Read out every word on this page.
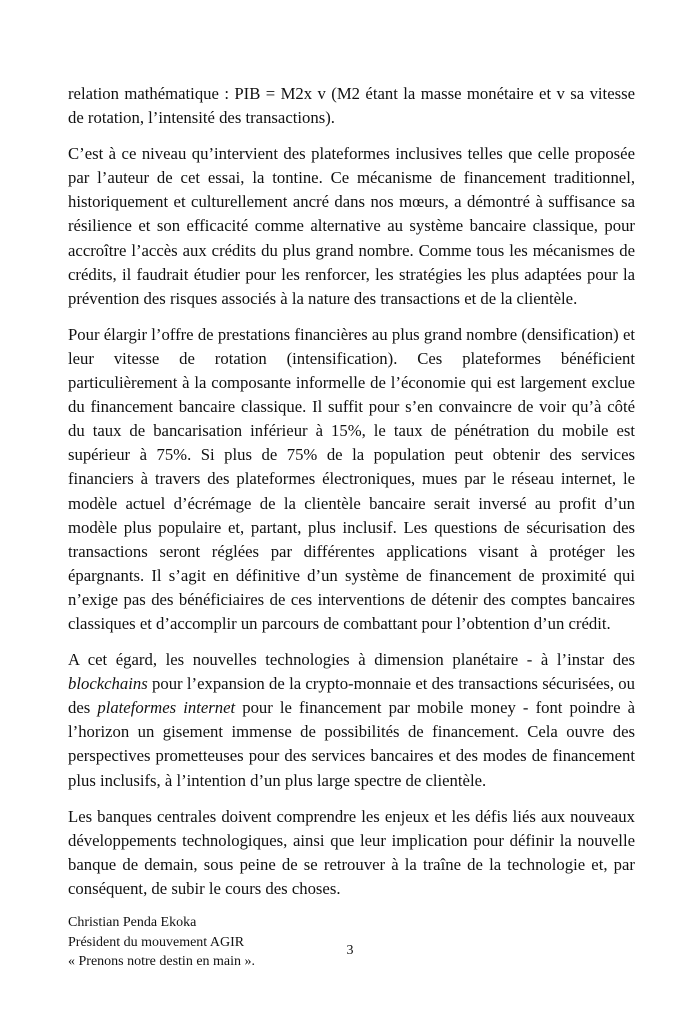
relation mathématique : PIB = M2x v (M2 étant la masse monétaire et v sa vitesse de rotation, l’intensité des transactions).

C’est à ce niveau qu’intervient des plateformes inclusives telles que celle proposée par l’auteur de cet essai, la tontine. Ce mécanisme de financement traditionnel, historiquement et culturellement ancré dans nos mœurs, a démontré à suffisance sa résilience et son efficacité comme alternative au système bancaire classique, pour accroître l’accès aux crédits du plus grand nombre. Comme tous les mécanismes de crédits, il faudrait étudier pour les renforcer, les stratégies les plus adaptées pour la prévention des risques associés à la nature des transactions et de la clientèle.

Pour élargir l’offre de prestations financières au plus grand nombre (densification) et leur vitesse de rotation (intensification). Ces plateformes bénéficient particulièrement à la composante informelle de l’économie qui est largement exclue du financement bancaire classique. Il suffit pour s’en convaincre de voir qu’à côté du taux de bancarisation inférieur à 15%, le taux de pénétration du mobile est supérieur à 75%. Si plus de 75% de la population peut obtenir des services financiers à travers des plateformes électroniques, mues par le réseau internet, le modèle actuel d’écrémage de la clientèle bancaire serait inversé au profit d’un modèle plus populaire et, partant, plus inclusif. Les questions de sécurisation des transactions seront réglées par différentes applications visant à protéger les épargnants. Il s’agit en définitive d’un système de financement de proximité qui n’exige pas des bénéficiaires de ces interventions de détenir des comptes bancaires classiques et d’accomplir un parcours de combattant pour l’obtention d’un crédit.

A cet égard, les nouvelles technologies à dimension planétaire - à l’instar des blockchains pour l’expansion de la crypto-monnaie et des transactions sécurisées, ou des plateformes internet pour le financement par mobile money - font poindre à l’horizon un gisement immense de possibilités de financement. Cela ouvre des perspectives prometteuses pour des services bancaires et des modes de financement plus inclusifs, à l’intention d’un plus large spectre de clientèle.

Les banques centrales doivent comprendre les enjeux et les défis liés aux nouveaux développements technologiques, ainsi que leur implication pour définir la nouvelle banque de demain, sous peine de se retrouver à la traîne de la technologie et, par conséquent, de subir le cours des choses.

Christian Penda Ekoka
Président du mouvement AGIR
« Prenons notre destin en main ».
3
